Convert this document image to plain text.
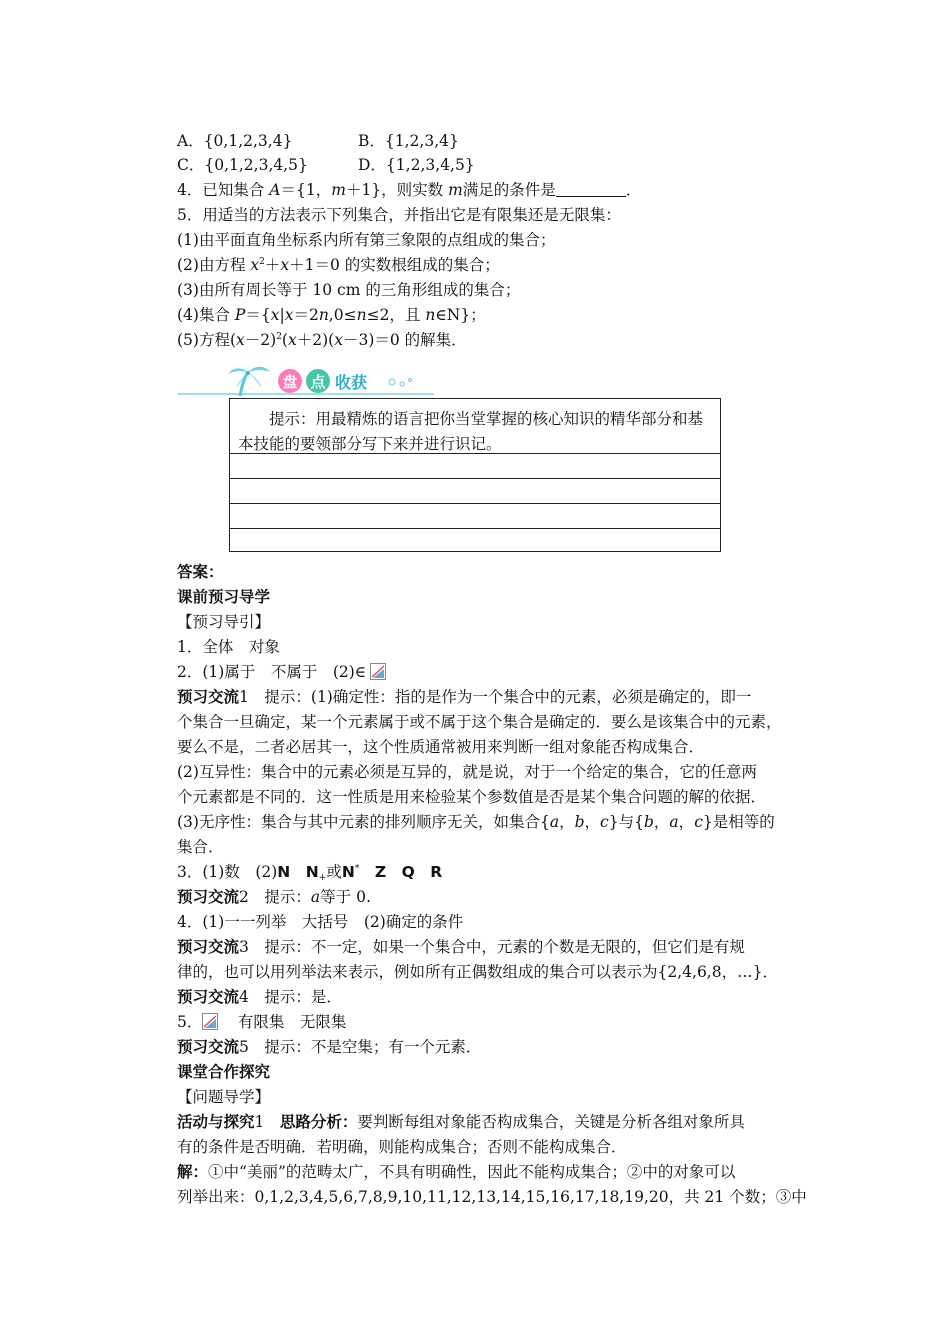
A．{0,1,2,3,4}	B．{1,2,3,4}
C．{0,1,2,3,4,5}	D．{1,2,3,4,5}
4．已知集合 A＝{1，m＋1}，则实数 m满足的条件是	．
5．用适当的方法表示下列集合，并指出它是有限集还是无限集：
(1)由平面直角坐标系内所有第三象限的点组成的集合；
(2)由方程 $x^2+x+1=0$ 的实数根组成的集合；
(3)由所有周长等于 10 cm 的三角形组成的集合；
(4)集合 P＝{x|x＝2n,0≤n≤2，且 n∈N}；
(5)方程$(x-2)^2(x+2)(x-3)=0$ 的解集．
盘 点 收获
　　提示：用最精炼的语言把你当堂掌握的核心知识的精华部分和基本技能的要领部分写下来并进行识记。
答案：
课前预习导学
【预习导引】
1．全体　对象
2．(1)属于　不属于　(2)∈
预习交流1　提示：(1)确定性：指的是作为一个集合中的元素，必须是确定的，即一
个集合一旦确定，某一个元素属于或不属于这个集合是确定的．要么是该集合中的元素，
要么不是，二者必居其一，这个性质通常被用来判断一组对象能否构成集合．
(2)互异性：集合中的元素必须是互异的，就是说，对于一个给定的集合，它的任意两
个元素都是不同的．这一性质是用来检验某个参数值是否是某个集合问题的解的依据．
(3)无序性：集合与其中元素的排列顺序无关，如集合{a，b，c}与{b，a，c}是相等的
集合．
3．(1)数　(2)N　 $N_+$或N*　 Z　 Q　 R
预习交流2　提示：a等于 0.
4．(1)一一列举　大括号　(2)确定的条件
预习交流3　提示：不一定，如果一个集合中，元素的个数是无限的，但它们是有规
律的，也可以用列举法来表示，例如所有正偶数组成的集合可以表示为{2,4,6,8，…}．
预习交流4　提示：是．
5．　有限集　无限集
预习交流5　提示：不是空集；有一个元素．
课堂合作探究
【问题导学】
活动与探究1　思路分析：要判断每组对象能否构成集合，关键是分析各组对象所具
有的条件是否明确．若明确，则能构成集合；否则不能构成集合．
解：①中“美丽”的范畴太广，不具有明确性，因此不能构成集合；②中的对象可以
列举出来：0,1,2,3,4,5,6,7,8,9,10,11,12,13,14,15,16,17,18,19,20，共 21 个数；③中
